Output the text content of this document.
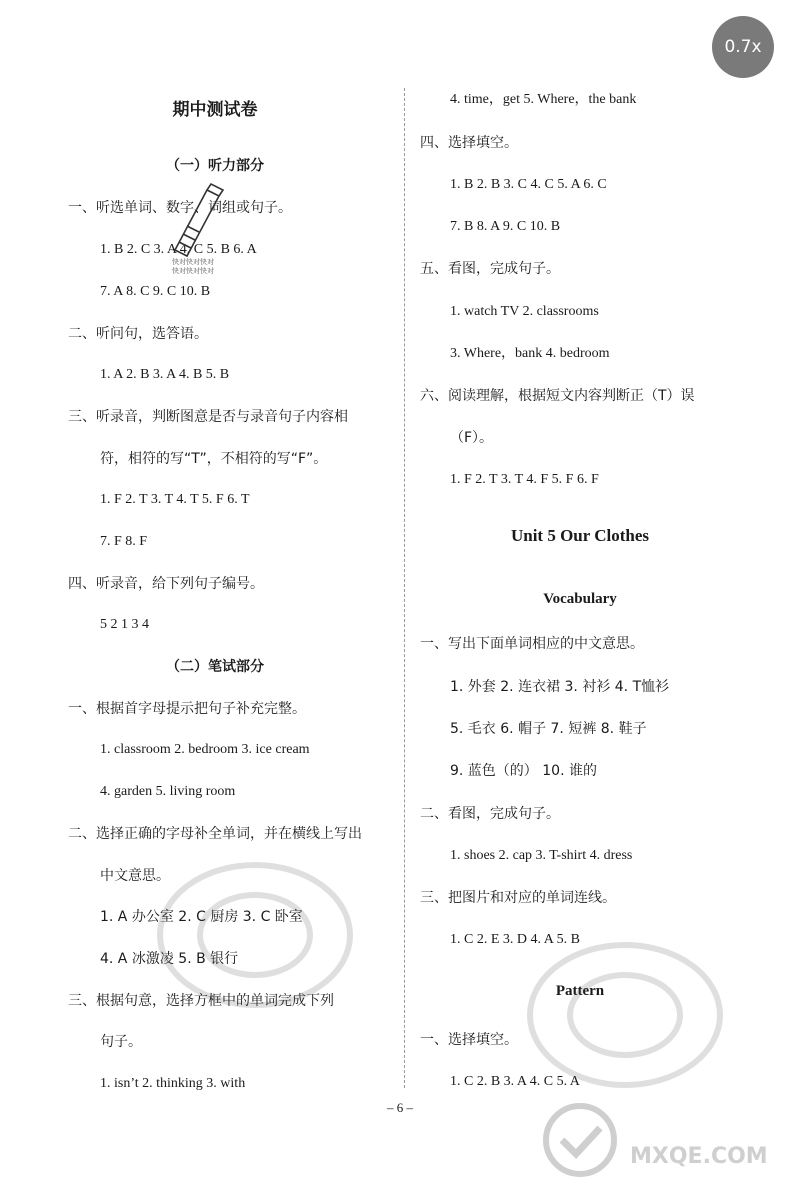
0.7x
期中测试卷
（一）听力部分
一、听选单词、数字、词组或句子。
1. B 2. C 3. A 4. C 5. B 6. A
7. A 8. C 9. C 10. B
二、听问句，选答语。
1. A 2. B 3. A 4. B 5. B
三、听录音，判断图意是否与录音句子内容相
符，相符的写“T”，不相符的写“F”。
1. F 2. T 3. T 4. T 5. F 6. T
7. F 8. F
四、听录音，给下列句子编号。
5 2 1 3 4
（二）笔试部分
一、根据首字母提示把句子补充完整。
1. classroom 2. bedroom 3. ice cream
4. garden 5. living room
二、选择正确的字母补全单词，并在横线上写出
中文意思。
1. A 办公室 2. C 厨房 3. C 卧室
4. A 冰激凌 5. B 银行
三、根据句意，选择方框中的单词完成下列
句子。
1. isn’t 2. thinking 3. with
4. time，get 5. Where，the bank
四、选择填空。
1. B 2. B 3. C 4. C 5. A 6. C
7. B 8. A 9. C 10. B
五、看图，完成句子。
1. watch TV 2. classrooms
3. Where，bank 4. bedroom
六、阅读理解，根据短文内容判断正（T）误
（F）。
1. F 2. T 3. T 4. F 5. F 6. F
Unit 5 Our Clothes
Vocabulary
一、写出下面单词相应的中文意思。
1. 外套 2. 连衣裙 3. 衬衫 4. T恤衫
5. 毛衣 6. 帽子 7. 短裤 8. 鞋子
9. 蓝色（的） 10. 谁的
二、看图，完成句子。
1. shoes 2. cap 3. T-shirt 4. dress
三、把图片和对应的单词连线。
1. C 2. E 3. D 4. A 5. B
Pattern
一、选择填空。
1. C 2. B 3. A 4. C 5. A
– 6 –
快对快对快对
快对快对快对
MXQE.COM
